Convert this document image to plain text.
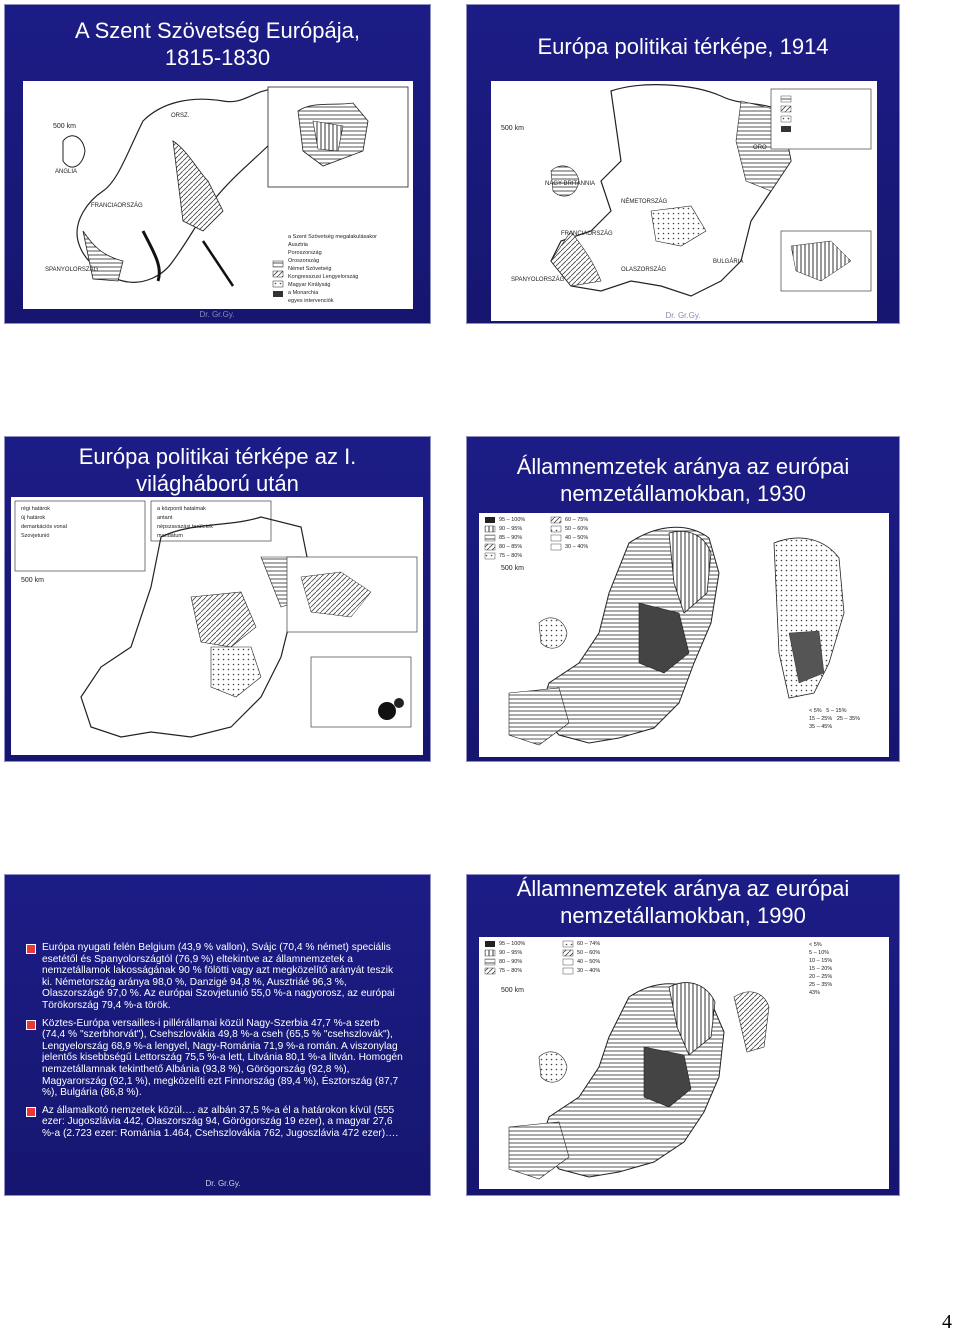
A Szent Szövetség Európája,
1815-1830
500 km
ORSZ.
FRANCIAORSZÁG
SPANYOLORSZÁG
ANGLIA
a Szent Szövetség megalakulásakor
Ausztria
Poroszország
Oroszország
Német Szövetség
Kongresszusi Lengyelország
Magyar Királyság
a Monarchia
egyes intervenciók
Dr. Gr.Gy.
Európa politikai térképe, 1914
500 km
NAGY-BRITANNIA
ORO
NÉMETORSZÁG
FRANCIAORSZÁG
OLASZORSZÁG
SPANYOLORSZÁG
BULGÁRIA
Dr. Gr.Gy.
Európa politikai térképe az I.
világháború után
régi határok
új határok
demarkációs vonal
Szovjetunió
a központi hatalmak
antant
népszavazási területek
mandátum
500 km
Államnemzetek aránya az európai
nemzetállamokban, 1930
95 – 100%
90 – 95%
85 – 90%
80 – 85%
75 – 80%
60 – 75%
50 – 60%
40 – 50%
30 – 40%
500 km
< 5% 5 – 15%
15 – 25% 25 – 35%
35 – 45%
Dr. Gr.Gy.
Európa nyugati felén Belgium (43,9 % vallon), Svájc (70,4 % német) speciális esetétől és Spanyolországtól (76,9 %) eltekintve az államnemzetek a nemzetállamok lakosságának 90 % fölötti vagy azt megközelítő arányát teszik ki. Németország aránya 98,0 %, Danzigé 94,8 %, Ausztriáé 96,3 %, Olaszországé 97,0 %. Az európai Szovjetunió 55,0 %-a nagyorosz, az európai Törökország 79,4 %-a török.
Köztes-Európa versailles-i pillérállamai közül Nagy-Szerbia 47,7 %-a szerb (74,4 % "szerbhorvát"), Csehszlovákia 49,8 %-a cseh (65,5 % "csehszlovák"), Lengyelország 68,9 %-a lengyel, Nagy-Románia 71,9 %-a román. A viszonylag jelentős kisebbségű Lettország 75,5 %-a lett, Litvánia 80,1 %-a litván. Homogén nemzetállamnak tekinthető Albánia (93,8 %), Görögország (92,8 %), Magyarország (92,1 %), megközelíti ezt Finnország (89,4 %), Észtország (87,7 %), Bulgária (86,8 %).
Az államalkotó nemzetek közül…. az albán 37,5 %-a él a határokon kívül (555 ezer: Jugoszlávia 442, Olaszország 94, Görögország 19 ezer), a magyar 27,6 %-a (2.723 ezer: Románia 1.464, Csehszlovákia 762, Jugoszlávia 472 ezer)….
Államnemzetek aránya az európai
nemzetállamokban, 1990
95 – 100%
90 – 95%
80 – 90%
75 – 80%
60 – 74%
50 – 60%
40 – 50%
30 – 40%
500 km
< 5%
5 – 10%
10 – 15%
15 – 20%
20 – 25%
25 – 35%
43%
4
